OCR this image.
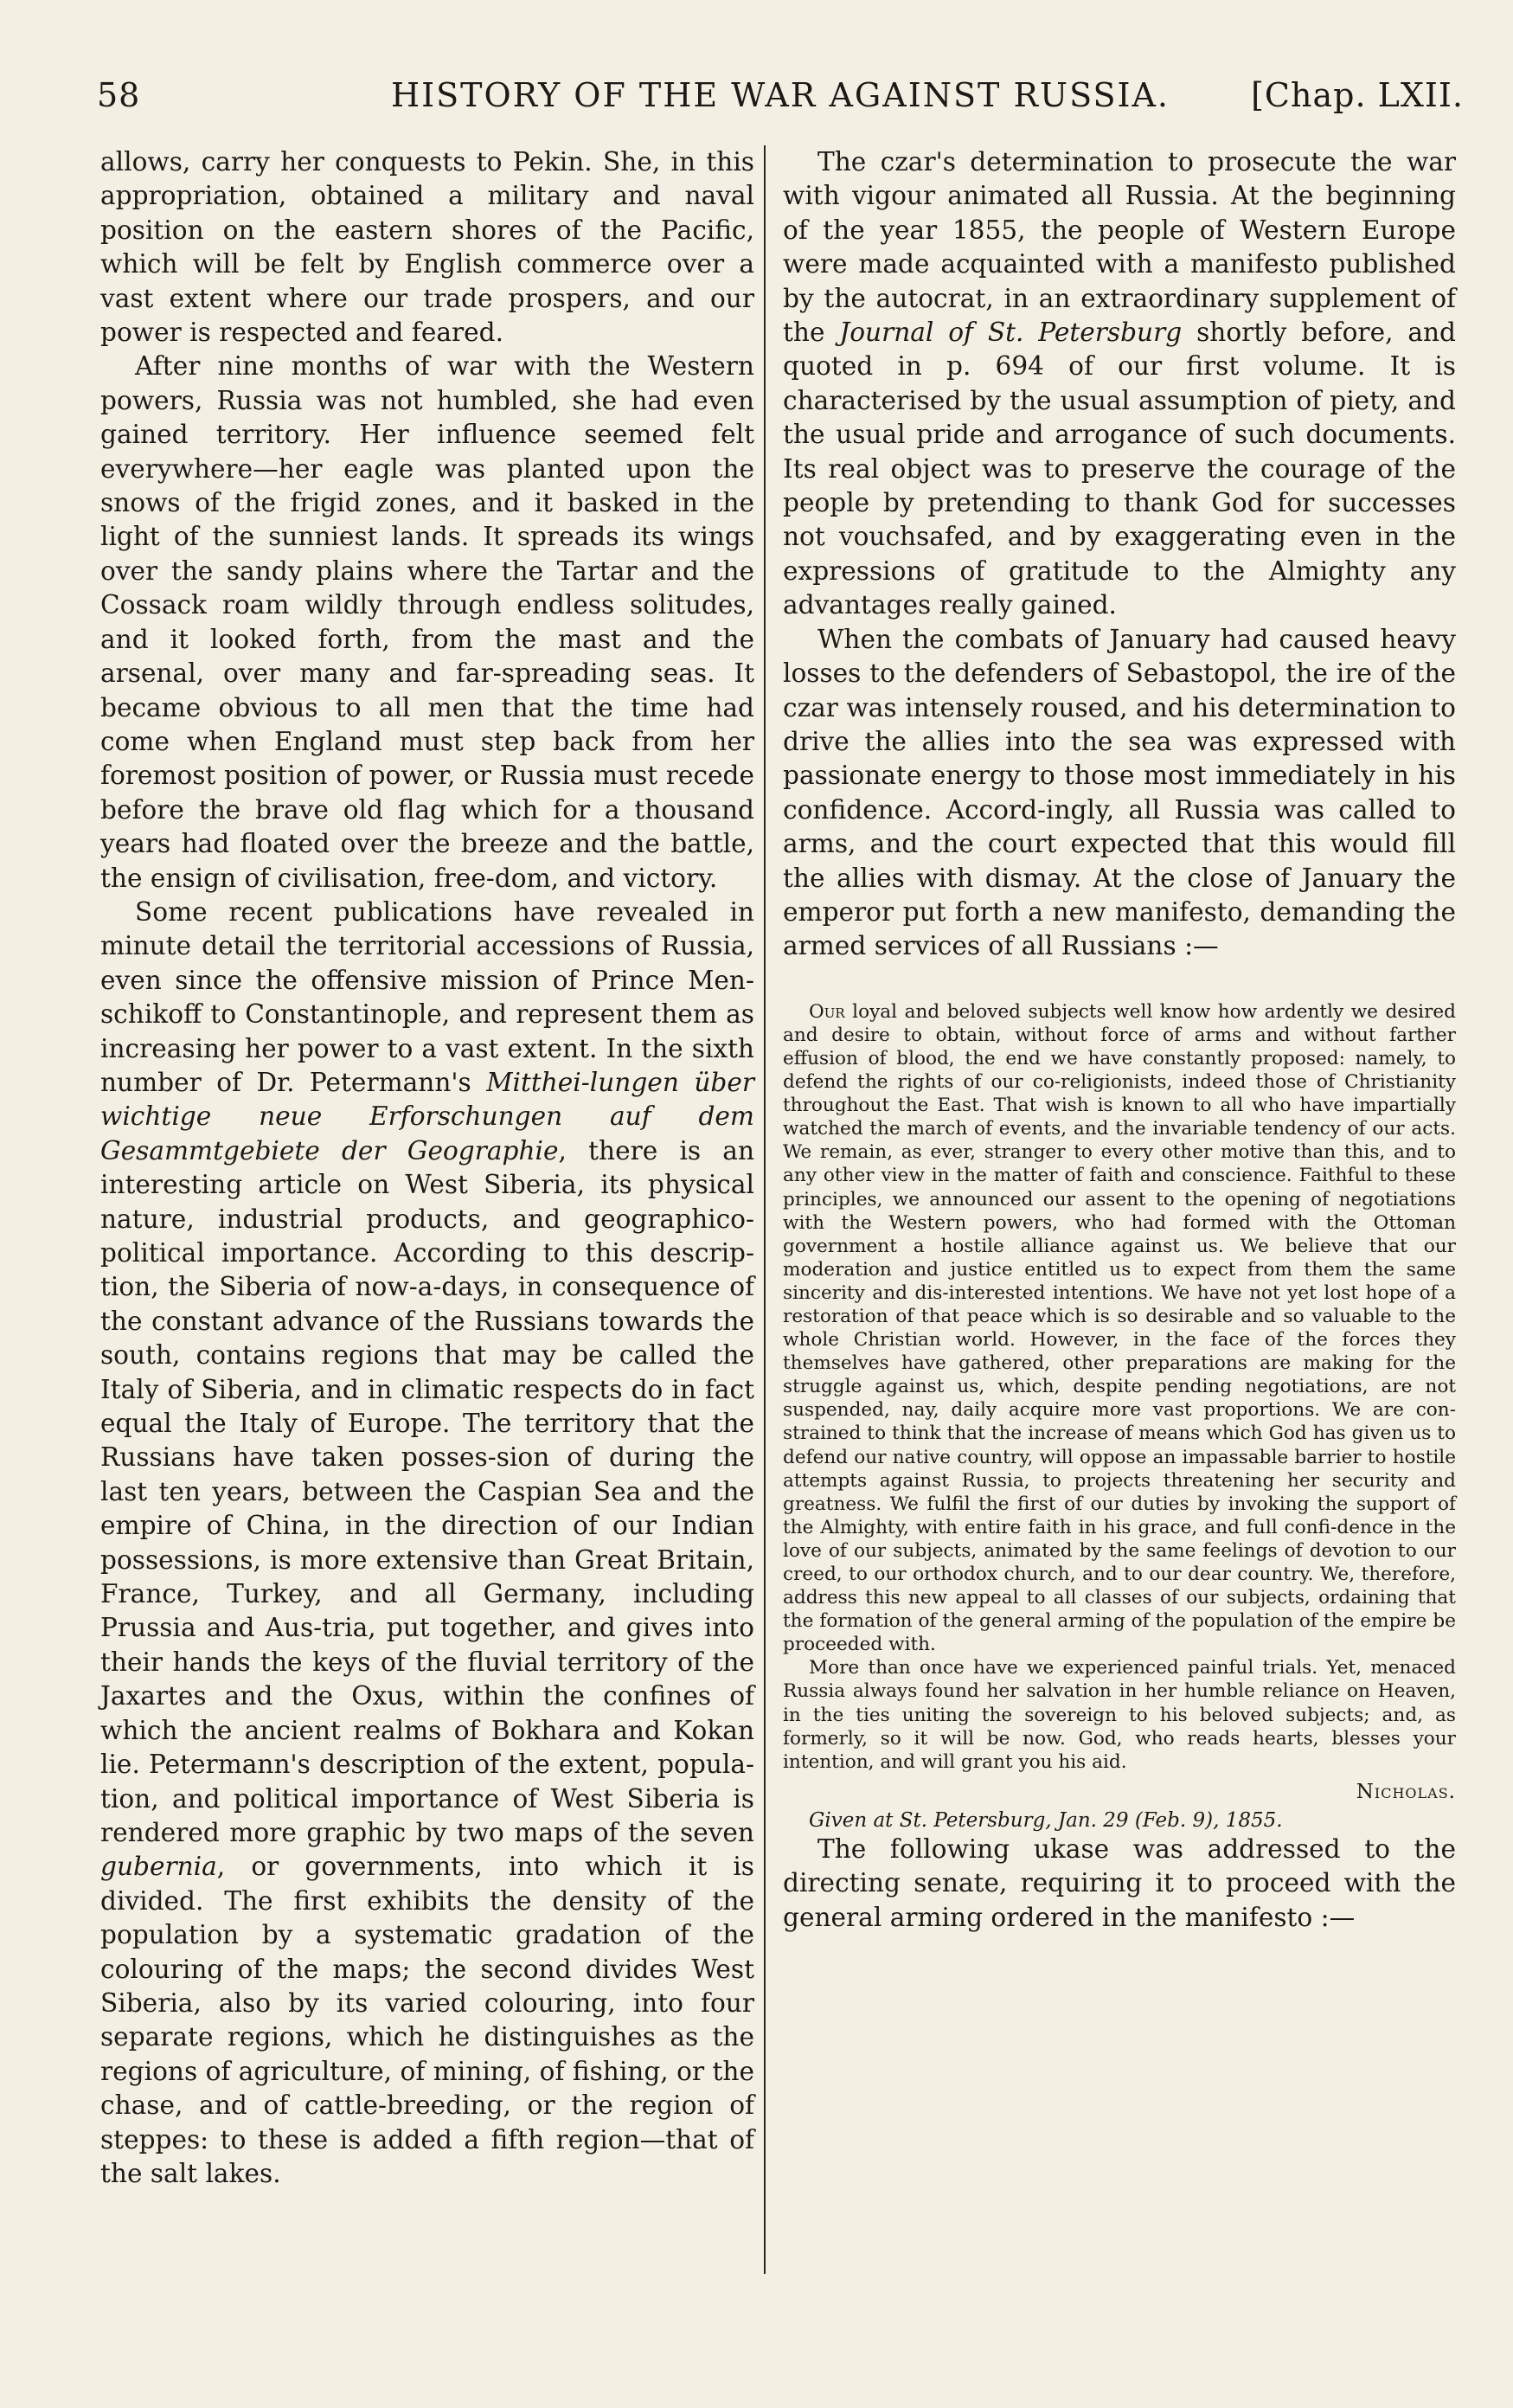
58	HISTORY OF THE WAR AGAINST RUSSIA. [Chap. LXII.

allows, carry her conquests to Pekin. She, in this appropriation, obtained a military and naval position on the eastern shores of the Pacific, which will be felt by English commerce over a vast extent where our trade prospers, and our power is respected and feared.

After nine months of war with the Western powers, Russia was not humbled, she had even gained territory. Her influence seemed felt everywhere—her eagle was planted upon the snows of the frigid zones, and it basked in the light of the sunniest lands. It spreads its wings over the sandy plains where the Tartar and the Cossack roam wildly through endless solitudes, and it looked forth, from the mast and the arsenal, over many and far-spreading seas. It became obvious to all men that the time had come when England must step back from her foremost position of power, or Russia must recede before the brave old flag which for a thousand years had floated over the breeze and the battle, the ensign of civilisation, free-dom, and victory.

Some recent publications have revealed in minute detail the territorial accessions of Russia, even since the offensive mission of Prince Men-schikoff to Constantinople, and represent them as increasing her power to a vast extent. In the sixth number of Dr. Petermann's Mitthei-lungen über wichtige neue Erforschungen auf dem Gesammtgebiete der Geographie, there is an interesting article on West Siberia, its physical nature, industrial products, and geographico-political importance. According to this descrip-tion, the Siberia of now-a-days, in consequence of the constant advance of the Russians towards the south, contains regions that may be called the Italy of Siberia, and in climatic respects do in fact equal the Italy of Europe. The territory that the Russians have taken posses-sion of during the last ten years, between the Caspian Sea and the empire of China, in the direction of our Indian possessions, is more extensive than Great Britain, France, Turkey, and all Germany, including Prussia and Aus-tria, put together, and gives into their hands the keys of the fluvial territory of the Jaxartes and the Oxus, within the confines of which the ancient realms of Bokhara and Kokan lie. Petermann's description of the extent, popula-tion, and political importance of West Siberia is rendered more graphic by two maps of the seven gubernia, or governments, into which it is divided. The first exhibits the density of the population by a systematic gradation of the colouring of the maps; the second divides West Siberia, also by its varied colouring, into four separate regions, which he distinguishes as the regions of agriculture, of mining, of fishing, or the chase, and of cattle-breeding, or the region of steppes: to these is added a fifth region—that of the salt lakes.

The czar's determination to prosecute the war with vigour animated all Russia. At the beginning of the year 1855, the people of Western Europe were made acquainted with a manifesto published by the autocrat, in an extraordinary supplement of the Journal of St. Petersburg shortly before, and quoted in p. 694 of our first volume. It is characterised by the usual assumption of piety, and the usual pride and arrogance of such documents. Its real object was to preserve the courage of the people by pretending to thank God for successes not vouchsafed, and by exaggerating even in the expressions of gratitude to the Almighty any advantages really gained.

When the combats of January had caused heavy losses to the defenders of Sebastopol, the ire of the czar was intensely roused, and his determination to drive the allies into the sea was expressed with passionate energy to those most immediately in his confidence. Accord-ingly, all Russia was called to arms, and the court expected that this would fill the allies with dismay. At the close of January the emperor put forth a new manifesto, demanding the armed services of all Russians :—

Our loyal and beloved subjects well know how ardently we desired and desire to obtain, without force of arms and without farther effusion of blood, the end we have constantly proposed: namely, to defend the rights of our co-religionists, indeed those of Christianity throughout the East. That wish is known to all who have impartially watched the march of events, and the invariable tendency of our acts. We remain, as ever, stranger to every other motive than this, and to any other view in the matter of faith and conscience. Faithful to these principles, we announced our assent to the opening of negotiations with the Western powers, who had formed with the Ottoman government a hostile alliance against us. We believe that our moderation and justice entitled us to expect from them the same sincerity and dis-interested intentions. We have not yet lost hope of a restoration of that peace which is so desirable and so valuable to the whole Christian world. However, in the face of the forces they themselves have gathered, other preparations are making for the struggle against us, which, despite pending negotiations, are not suspended, nay, daily acquire more vast proportions. We are con-strained to think that the increase of means which God has given us to defend our native country, will oppose an impassable barrier to hostile attempts against Russia, to projects threatening her security and greatness. We fulfil the first of our duties by invoking the support of the Almighty, with entire faith in his grace, and full confi-dence in the love of our subjects, animated by the same feelings of devotion to our creed, to our orthodox church, and to our dear country. We, therefore, address this new appeal to all classes of our subjects, ordaining that the formation of the general arming of the population of the empire be proceeded with.

More than once have we experienced painful trials. Yet, menaced Russia always found her salvation in her humble reliance on Heaven, in the ties uniting the sovereign to his beloved subjects; and, as formerly, so it will be now. God, who reads hearts, blesses your intention, and will grant you his aid.

Nicholas.
Given at St. Petersburg, Jan. 29 (Feb. 9), 1855.

The following ukase was addressed to the directing senate, requiring it to proceed with the general arming ordered in the manifesto :—
